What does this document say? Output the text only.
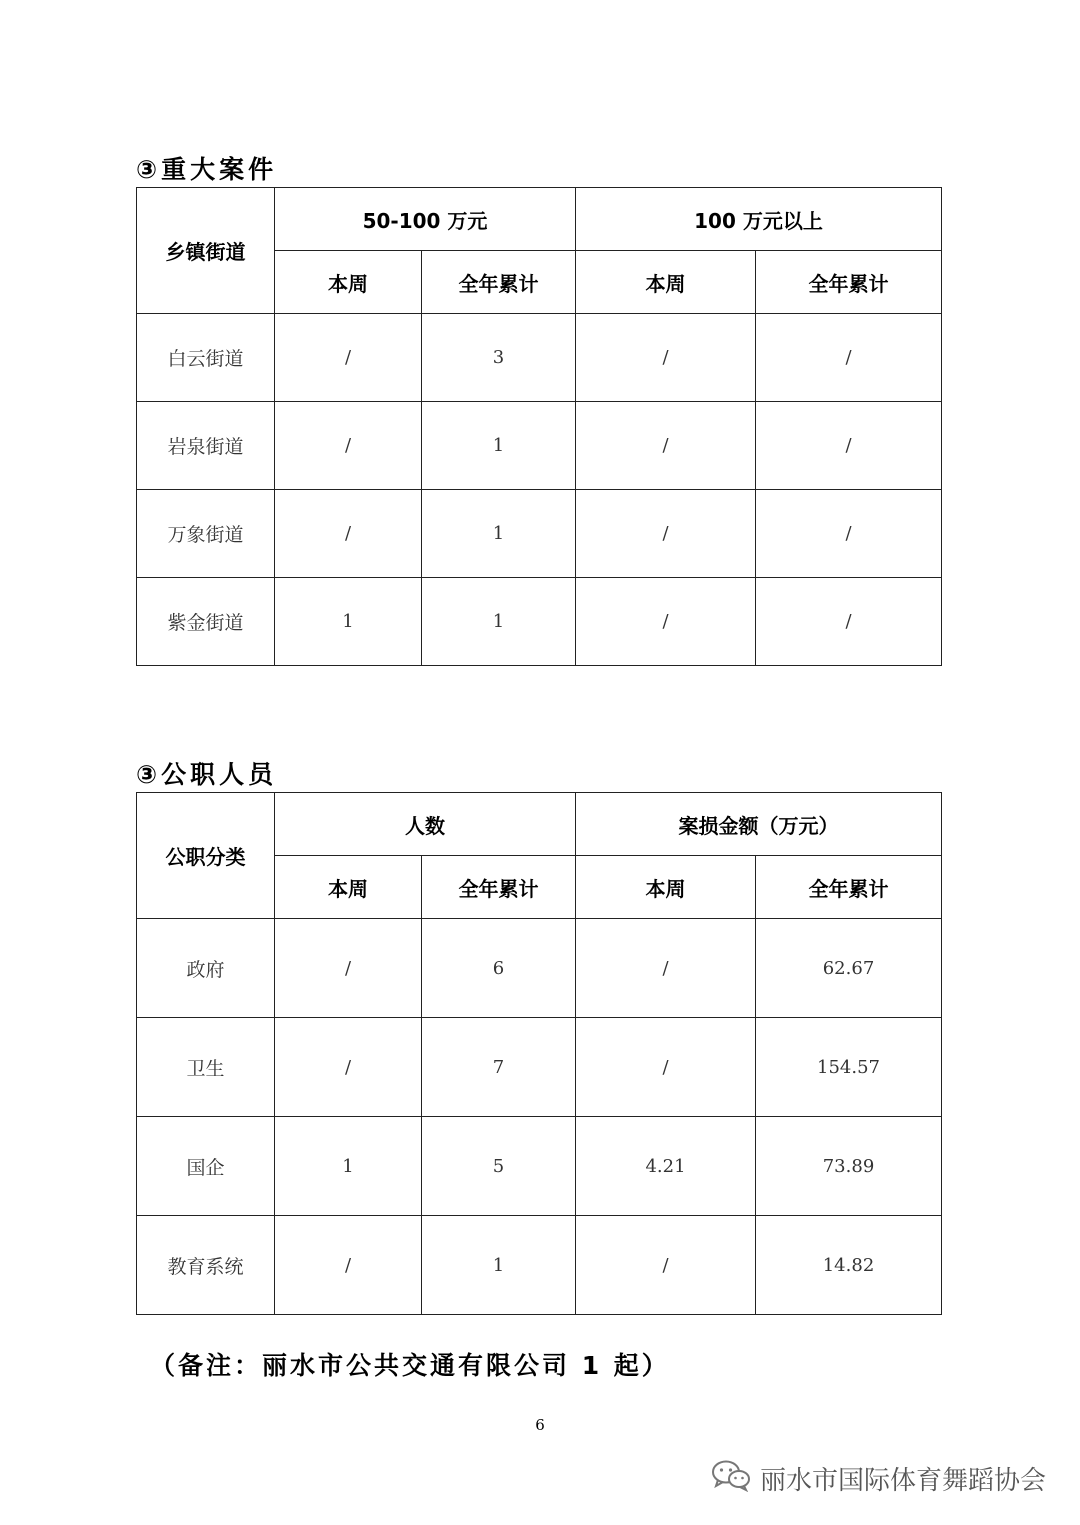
③重大案件
乡镇街道	50-100 万元		100 万元以上	
	本周	全年累计	本周	全年累计
白云街道	/	3	/	/
岩泉街道	/	1	/	/
万象街道	/	1	/	/
紫金街道	1	1	/	/
③公职人员
公职分类	人数		案损金额（万元）	
	本周	全年累计	本周	全年累计
政府	/	6	/	62.67
卫生	/	7	/	154.57
国企	1	5	4.21	73.89
教育系统	/	1	/	14.82
（备注：丽水市公共交通有限公司 1 起）
6
丽水市国际体育舞蹈协会
